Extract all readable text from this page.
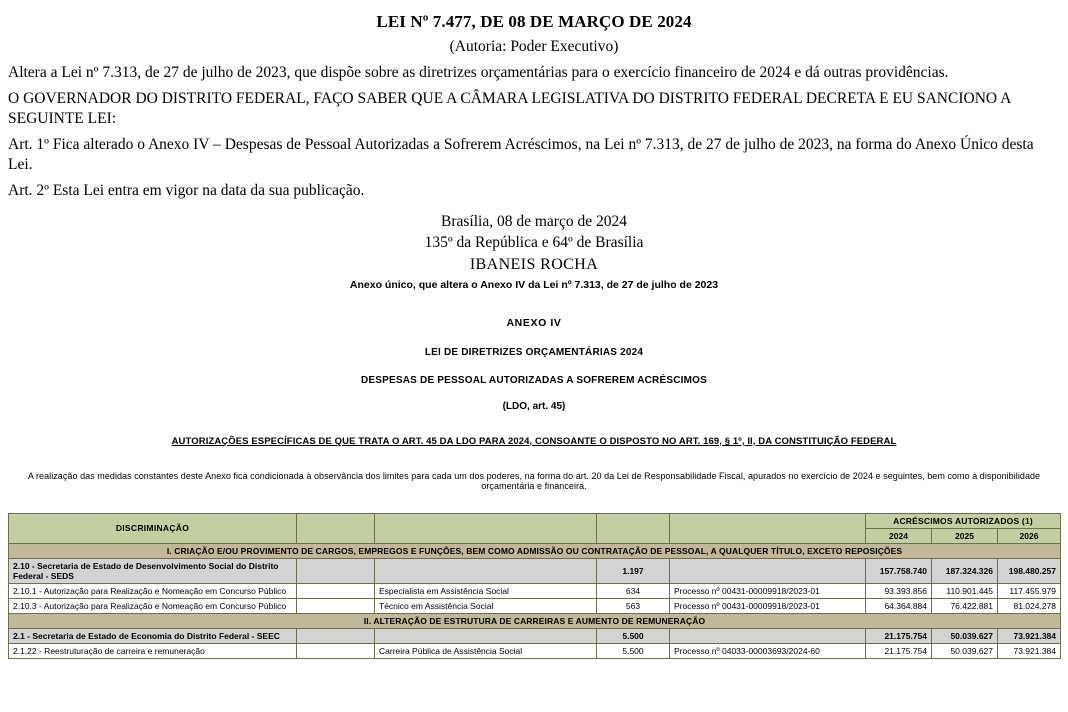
LEI Nº 7.477, DE 08 DE MARÇO DE 2024
(Autoria: Poder Executivo)
Altera a Lei nº 7.313, de 27 de julho de 2023, que dispõe sobre as diretrizes orçamentárias para o exercício financeiro de 2024 e dá outras providências.
O GOVERNADOR DO DISTRITO FEDERAL, FAÇO SABER QUE A CÂMARA LEGISLATIVA DO DISTRITO FEDERAL DECRETA E EU SANCIONO A SEGUINTE LEI:
Art. 1º Fica alterado o Anexo IV – Despesas de Pessoal Autorizadas a Sofrerem Acréscimos, na Lei nº 7.313, de 27 de julho de 2023, na forma do Anexo Único desta Lei.
Art. 2º Esta Lei entra em vigor na data da sua publicação.
Brasília, 08 de março de 2024
135º da República e 64º de Brasília
IBANEIS ROCHA
Anexo único, que altera o Anexo IV da Lei nº 7.313, de 27 de julho de 2023
ANEXO IV
LEI DE DIRETRIZES ORÇAMENTÁRIAS 2024
DESPESAS DE PESSOAL AUTORIZADAS A SOFREREM ACRÉSCIMOS
(LDO, art. 45)
AUTORIZAÇÕES ESPECÍFICAS DE QUE TRATA O ART. 45 DA LDO PARA 2024, CONSOANTE O DISPOSTO NO ART. 169, § 1º, II, DA CONSTITUIÇÃO FEDERAL
A realização das medidas constantes deste Anexo fica condicionada à observância dos limites para cada um dos poderes, na forma do art. 20 da Lei de Responsabilidade Fiscal, apurados no exercício de 2024 e seguintes, bem como à disponibilidade orçamentária e financeira.
DISCRIMINAÇÃO					ACRÉSCIMOS AUTORIZADOS (1)		
					2024	2025	2026
I. CRIAÇÃO E/OU PROVIMENTO DE CARGOS, EMPREGOS E FUNÇÕES, BEM COMO ADMISSÃO OU CONTRATAÇÃO DE PESSOAL, A QUALQUER TÍTULO, EXCETO REPOSIÇÕES							
2.10 - Secretaria de Estado de Desenvolvimento Social do Distrito Federal - SEDS			1.197		157.758.740	187.324.326	198.480.257
2.10.1 - Autorização para Realização e Nomeação em Concurso Público		Especialista em Assistência Social	634	Processo nº 00431-00009918/2023-01	93.393.856	110.901.445	117.455.979
2.10.3 - Autorização para Realização e Nomeação em Concurso Público		Técnico em Assistência Social	563	Processo nº 00431-00009918/2023-01	64.364.884	76.422.881	81.024.278
II. ALTERAÇÃO DE ESTRUTURA DE CARREIRAS E AUMENTO DE REMUNERAÇÃO							
2.1 - Secretaria de Estado de Economia do Distrito Federal - SEEC			5.500		21.175.754	50.039.627	73.921.384
2.1.22 - Reestruturação de carreira e remuneração		Carreira Pública de Assistência Social	5.500	Processo nº 04033-00003693/2024-60	21.175.754	50.039.627	73.921.384
